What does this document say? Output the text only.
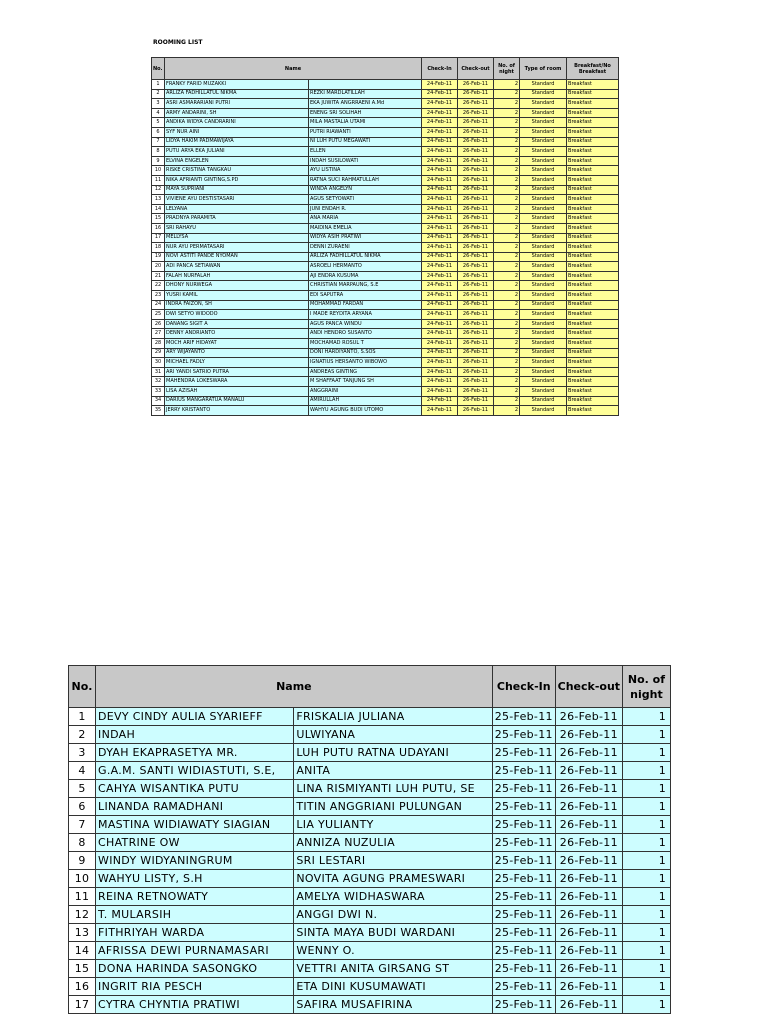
ROOMING LIST
No.	Name		Check-In	Check-out	No. of night	Type of room	Breakfast/No Breakfast
1	FRANKY FARID MUZAKKI		24-Feb-11	26-Feb-11	2	Standard	Breakfast
2	ARLIZA FADHILLATUL NIKMA	REZKI MARDLATILLAH	24-Feb-11	26-Feb-11	2	Standard	Breakfast
3	ASRI ASMARARIANI PUTRI	EKA JUWITA ANGRRAENI A.Md	24-Feb-11	26-Feb-11	2	Standard	Breakfast
4	ARMY ANDARINI, SH	ENENG SRI SOLIHAH	24-Feb-11	26-Feb-11	2	Standard	Breakfast
5	ANDIKA WIDYA CANDRARINI	MILA MASTALIA UTAMI	24-Feb-11	26-Feb-11	2	Standard	Breakfast
6	SYF NUR AINI	PUTRI RIAWANTI	24-Feb-11	26-Feb-11	2	Standard	Breakfast
7	LIDYA HAKIM PADMAWIJAYA	NI LUH PUTU MEGAWATI	24-Feb-11	26-Feb-11	2	Standard	Breakfast
8	PUTU ARYA EKA JULIANI	ELLEN	24-Feb-11	26-Feb-11	2	Standard	Breakfast
9	ELVINA ENGELEN	INDAH SUSILOWATI	24-Feb-11	26-Feb-11	2	Standard	Breakfast
10	RISKE CRISTINA TANGKAU	AYU LISTINA	24-Feb-11	26-Feb-11	2	Standard	Breakfast
11	NIKA AFRIANTI GINTING,S.PD	RATNA SUCI RAHMATULLAH	24-Feb-11	26-Feb-11	2	Standard	Breakfast
12	MAYA SUPRIANI	WINDA ANGELYN	24-Feb-11	26-Feb-11	2	Standard	Breakfast
13	VIVIENE AYU DESTISTASARI	AGUS SETYOWATI	24-Feb-11	26-Feb-11	2	Standard	Breakfast
14	LELYANA	JUNI ENDAH R.	24-Feb-11	26-Feb-11	2	Standard	Breakfast
15	PRADNYA PARAMITA	ANA MARIA	24-Feb-11	26-Feb-11	2	Standard	Breakfast
16	SRI RAHAYU	MAIDINA EMELIA	24-Feb-11	26-Feb-11	2	Standard	Breakfast
17	MELLYSA	WIDYA ASIH PRATIWI	24-Feb-11	26-Feb-11	2	Standard	Breakfast
18	NUR AYU PERMATASARI	DENNI ZURAENI	24-Feb-11	26-Feb-11	2	Standard	Breakfast
19	NOVI ASTITI PANDE NYOMAN	ARLIZA FADHILLATUL NIKMA	24-Feb-11	26-Feb-11	2	Standard	Breakfast
20	ADI PANCA SETIAWAN	ASROELI HERMANTO	24-Feb-11	26-Feb-11	2	Standard	Breakfast
21	FALAH NURFALAH	AJI ENDRA KUSUMA	24-Feb-11	26-Feb-11	2	Standard	Breakfast
22	DHONY NURWEGA	CHRISTIAN MARPAUNG, S.E	24-Feb-11	26-Feb-11	2	Standard	Breakfast
23	YUSRI KAMIL	EDI SAPUTRA	24-Feb-11	26-Feb-11	2	Standard	Breakfast
24	INDRA FAIZON, SH	MOHAMMAD FARDAN	24-Feb-11	26-Feb-11	2	Standard	Breakfast
25	DWI SETYO WIDODO	I MADE REYDITA ARYANA	24-Feb-11	26-Feb-11	2	Standard	Breakfast
26	DANANG SIGIT A	AGUS PANCA WINDU	24-Feb-11	26-Feb-11	2	Standard	Breakfast
27	DENNY ANDRIANTO	ANDI HENDRO SUSANTO	24-Feb-11	26-Feb-11	2	Standard	Breakfast
28	MOCH ARIF HIDAYAT	MOCHAMAD ROSUL T	24-Feb-11	26-Feb-11	2	Standard	Breakfast
29	ARY WIJAYANTO	DONI HARDIYANTO, S.SOS	24-Feb-11	26-Feb-11	2	Standard	Breakfast
30	MICHAEL FADLY	IGNATIUS HERSANTO WIBOWO	24-Feb-11	26-Feb-11	2	Standard	Breakfast
31	ARI YANDI SATRIO PUTRA	ANDREAS GINTING	24-Feb-11	26-Feb-11	2	Standard	Breakfast
32	MAHENDRA LOKESWARA	M SHAFFAAT TANJUNG SH	24-Feb-11	26-Feb-11	2	Standard	Breakfast
33	LISA AZISAH	ANGGRAINI	24-Feb-11	26-Feb-11	2	Standard	Breakfast
34	DARIUS MANGARATUA MANALU	AMIRULLAH	24-Feb-11	26-Feb-11	2	Standard	Breakfast
35	JERRY KRISTANTO	WAHYU AGUNG BUDI UTOMO	24-Feb-11	26-Feb-11	2	Standard	Breakfast
No.	Name		Check-In	Check-out	No. of night
1	DEVY CINDY AULIA SYARIEFF	FRISKALIA JULIANA	25-Feb-11	26-Feb-11	1
2	INDAH	ULWIYANA	25-Feb-11	26-Feb-11	1
3	DYAH EKAPRASETYA MR.	LUH PUTU RATNA UDAYANI	25-Feb-11	26-Feb-11	1
4	G.A.M. SANTI WIDIASTUTI, S.E,	ANITA	25-Feb-11	26-Feb-11	1
5	CAHYA WISANTIKA PUTU	LINA RISMIYANTI LUH PUTU, SE	25-Feb-11	26-Feb-11	1
6	LINANDA RAMADHANI	TITIN ANGGRIANI PULUNGAN	25-Feb-11	26-Feb-11	1
7	MASTINA WIDIAWATY SIAGIAN	LIA YULIANTY	25-Feb-11	26-Feb-11	1
8	CHATRINE OW	ANNIZA NUZULIA	25-Feb-11	26-Feb-11	1
9	WINDY WIDYANINGRUM	SRI LESTARI	25-Feb-11	26-Feb-11	1
10	WAHYU LISTY, S.H	NOVITA AGUNG PRAMESWARI	25-Feb-11	26-Feb-11	1
11	REINA RETNOWATY	AMELYA WIDHASWARA	25-Feb-11	26-Feb-11	1
12	T. MULARSIH	ANGGI DWI N.	25-Feb-11	26-Feb-11	1
13	FITHRIYAH WARDA	SINTA MAYA BUDI WARDANI	25-Feb-11	26-Feb-11	1
14	AFRISSA DEWI PURNAMASARI	WENNY O.	25-Feb-11	26-Feb-11	1
15	DONA HARINDA SASONGKO	VETTRI ANITA GIRSANG ST	25-Feb-11	26-Feb-11	1
16	INGRIT RIA PESCH	ETA DINI KUSUMAWATI	25-Feb-11	26-Feb-11	1
17	CYTRA CHYNTIA PRATIWI	SAFIRA MUSAFIRINA	25-Feb-11	26-Feb-11	1
